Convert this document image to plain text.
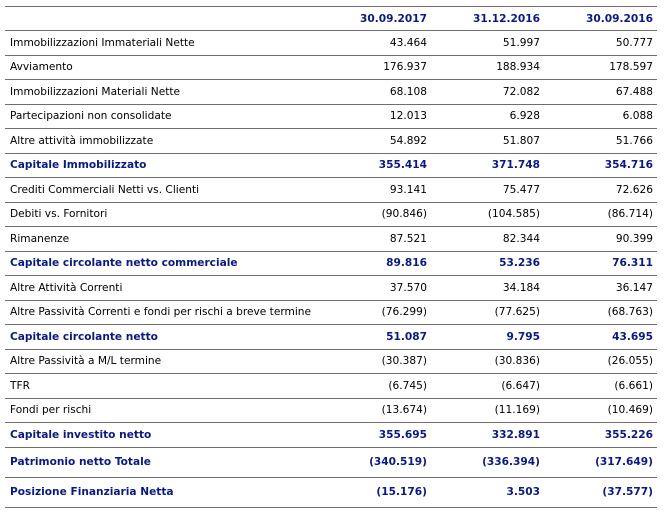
	30.09.2017	31.12.2016	30.09.2016
Immobilizzazioni Immateriali Nette	43.464	51.997	50.777
Avviamento	176.937	188.934	178.597
Immobilizzazioni Materiali Nette	68.108	72.082	67.488
Partecipazioni non consolidate	12.013	6.928	6.088
Altre attività immobilizzate	54.892	51.807	51.766
Capitale Immobilizzato	355.414	371.748	354.716
Crediti Commerciali Netti vs. Clienti	93.141	75.477	72.626
Debiti vs. Fornitori	(90.846)	(104.585)	(86.714)
Rimanenze	87.521	82.344	90.399
Capitale circolante netto commerciale	89.816	53.236	76.311
Altre Attività Correnti	37.570	34.184	36.147
Altre Passività Correnti e fondi per rischi a breve termine	(76.299)	(77.625)	(68.763)
Capitale circolante netto	51.087	9.795	43.695
Altre Passività a M/L termine	(30.387)	(30.836)	(26.055)
TFR	(6.745)	(6.647)	(6.661)
Fondi per rischi	(13.674)	(11.169)	(10.469)
Capitale investito netto	355.695	332.891	355.226
Patrimonio netto Totale	(340.519)	(336.394)	(317.649)
Posizione Finanziaria Netta	(15.176)	3.503	(37.577)
